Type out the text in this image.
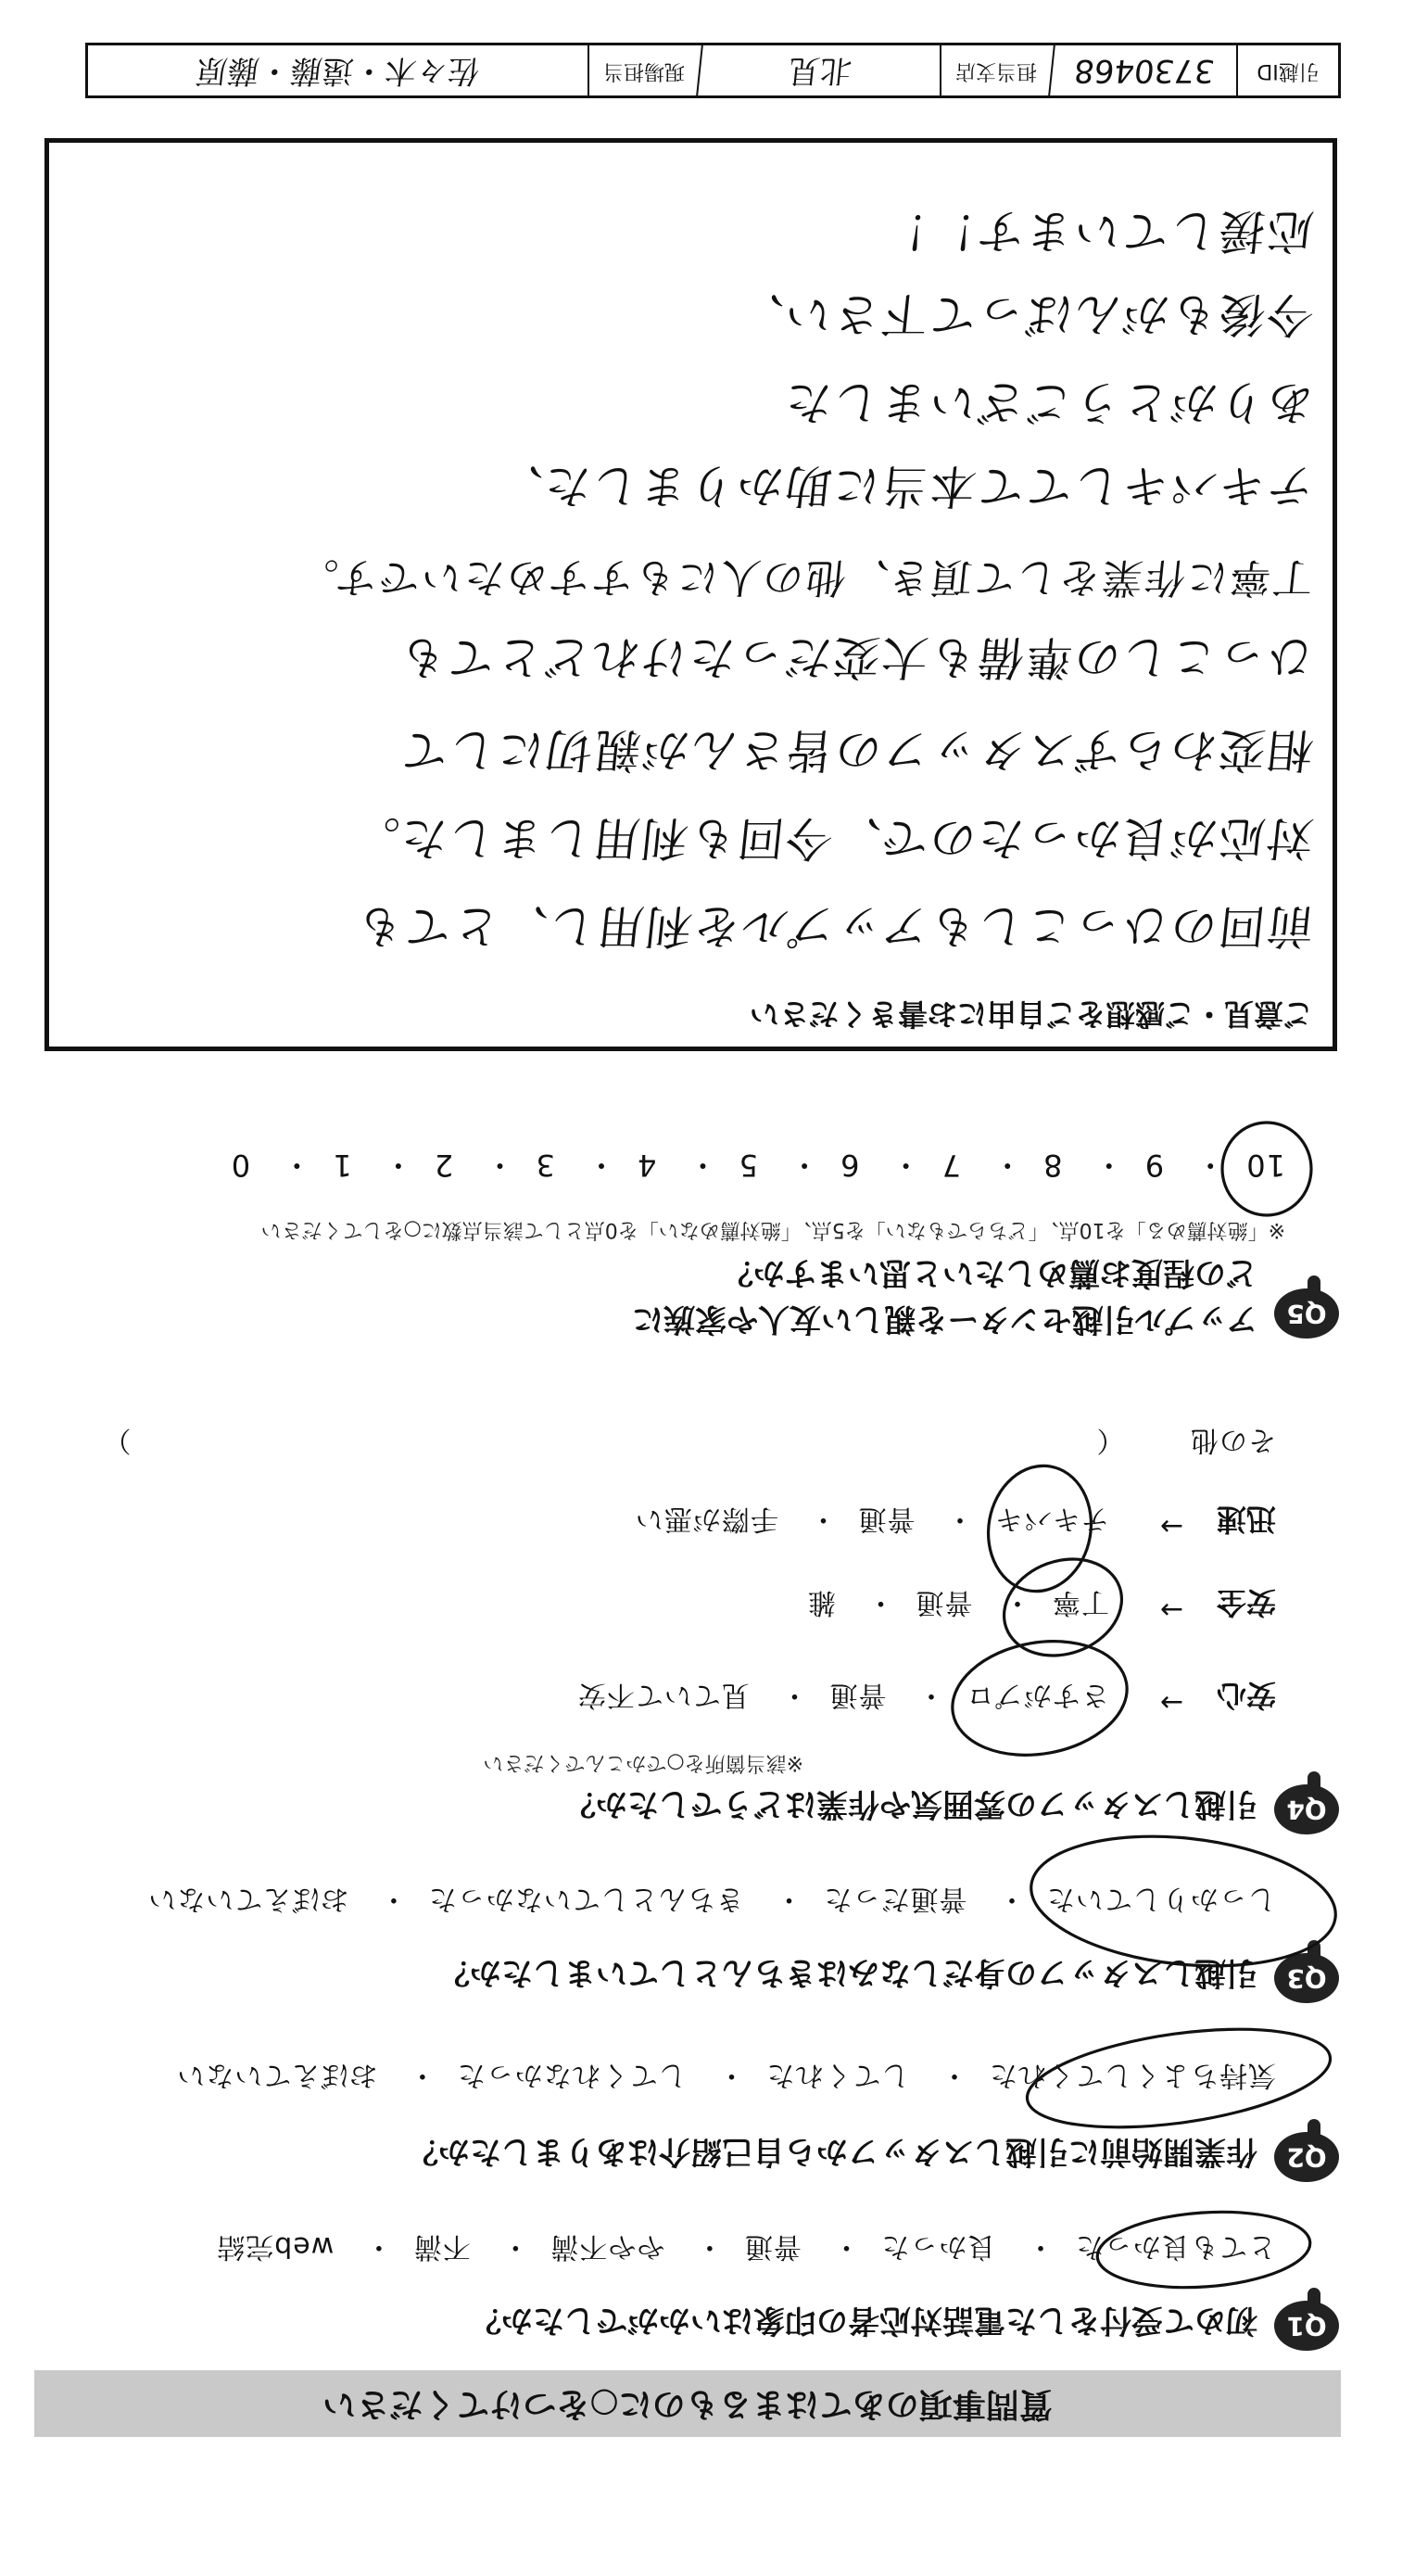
質問事項のあてはまるものに○をつけてください
Q1
初めて受付をした電話対応者の印象はいかがでしたか？
とても良かった・ 良かった・ 普通・ やや不満・ 不満・ web完結
Q2
作業開始前に引越しスタッフから自己紹介はありましたか？
気持ちよくしてくれた・ してくれた・ してくれなかった・ おぼえていない
Q3
引越しスタッフの身だしなみはきちんとしていましたか？
しっかりしていた・ 普通だった・ きちんとしていなかった・ おぼえていない
Q4
引越しスタッフの雰囲気や作業はどうでしたか？
※該当箇所を○でかこんでください
安心
→
さすがプロ・ 普通・ 見ていて不安
安全
→
丁寧・ 普通・ 雑
迅速
→
テキパキ・ 普通・ 手際が悪い
その他 （  ）
Q5
アップル引越センターを親しい友人や家族に
どの程度お薦めしたいと思いますか？
※「絶対薦める」を10点、「どちらでもない」を5点、「絶対薦めない」を0点として該当点数に○をしてください
10・ 9・ 8・ 7・ 6・ 5・ 4・ 3・ 2・ 1・ 0
ご意見・ご感想をご自由にお書きください
前回のひっこしもアップルを利用し、とても
対応が良かったので、今回も利用しました。
相変わらずスタッフの皆さんが親切にして
ひっこしの準備も大変だったけれどとても
丁寧に作業をして頂き、他の人にもすすめたいです。
テキパキしてて本当に助かりました、
ありがとうございました
今後もがんばって下さい、
応援しています！！
引越ID
3730468
担当支店
北見
現場担当
佐々木・遠藤・藤原
